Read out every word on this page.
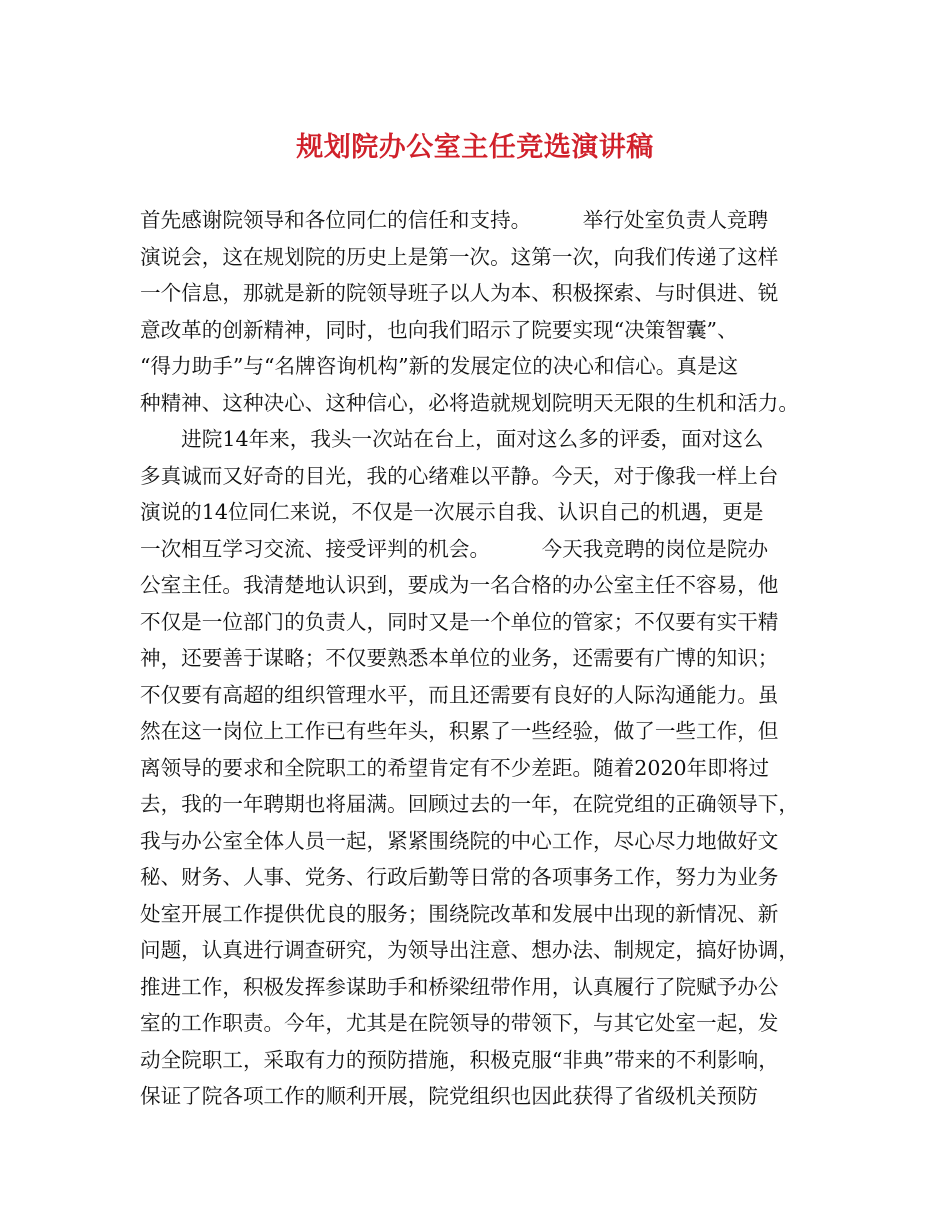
规划院办公室主任竞选演讲稿
首先感谢院领导和各位同仁的信任和支持。　　　举行处室负责人竞聘
演说会，这在规划院的历史上是第一次。这第一次，向我们传递了这样
一个信息，那就是新的院领导班子以人为本、积极探索、与时俱进、锐
意改革的创新精神，同时，也向我们昭示了院要实现“决策智囊”、
“得力助手”与“名牌咨询机构”新的发展定位的决心和信心。真是这
种精神、这种决心、这种信心，必将造就规划院明天无限的生机和活力。
　　进院14年来，我头一次站在台上，面对这么多的评委，面对这么
多真诚而又好奇的目光，我的心绪难以平静。今天，对于像我一样上台
演说的14位同仁来说，不仅是一次展示自我、认识自己的机遇，更是
一次相互学习交流、接受评判的机会。　　　今天我竞聘的岗位是院办
公室主任。我清楚地认识到，要成为一名合格的办公室主任不容易，他
不仅是一位部门的负责人，同时又是一个单位的管家；不仅要有实干精
神，还要善于谋略；不仅要熟悉本单位的业务，还需要有广博的知识；
不仅要有高超的组织管理水平，而且还需要有良好的人际沟通能力。虽
然在这一岗位上工作已有些年头，积累了一些经验，做了一些工作，但
离领导的要求和全院职工的希望肯定有不少差距。随着2020年即将过
去，我的一年聘期也将届满。回顾过去的一年，在院党组的正确领导下，
我与办公室全体人员一起，紧紧围绕院的中心工作，尽心尽力地做好文
秘、财务、人事、党务、行政后勤等日常的各项事务工作，努力为业务
处室开展工作提供优良的服务；围绕院改革和发展中出现的新情况、新
问题，认真进行调查研究，为领导出注意、想办法、制规定，搞好协调，
推进工作，积极发挥参谋助手和桥梁纽带作用，认真履行了院赋予办公
室的工作职责。今年，尤其是在院领导的带领下，与其它处室一起，发
动全院职工，采取有力的预防措施，积极克服“非典”带来的不利影响，
保证了院各项工作的顺利开展，院党组织也因此获得了省级机关预防
